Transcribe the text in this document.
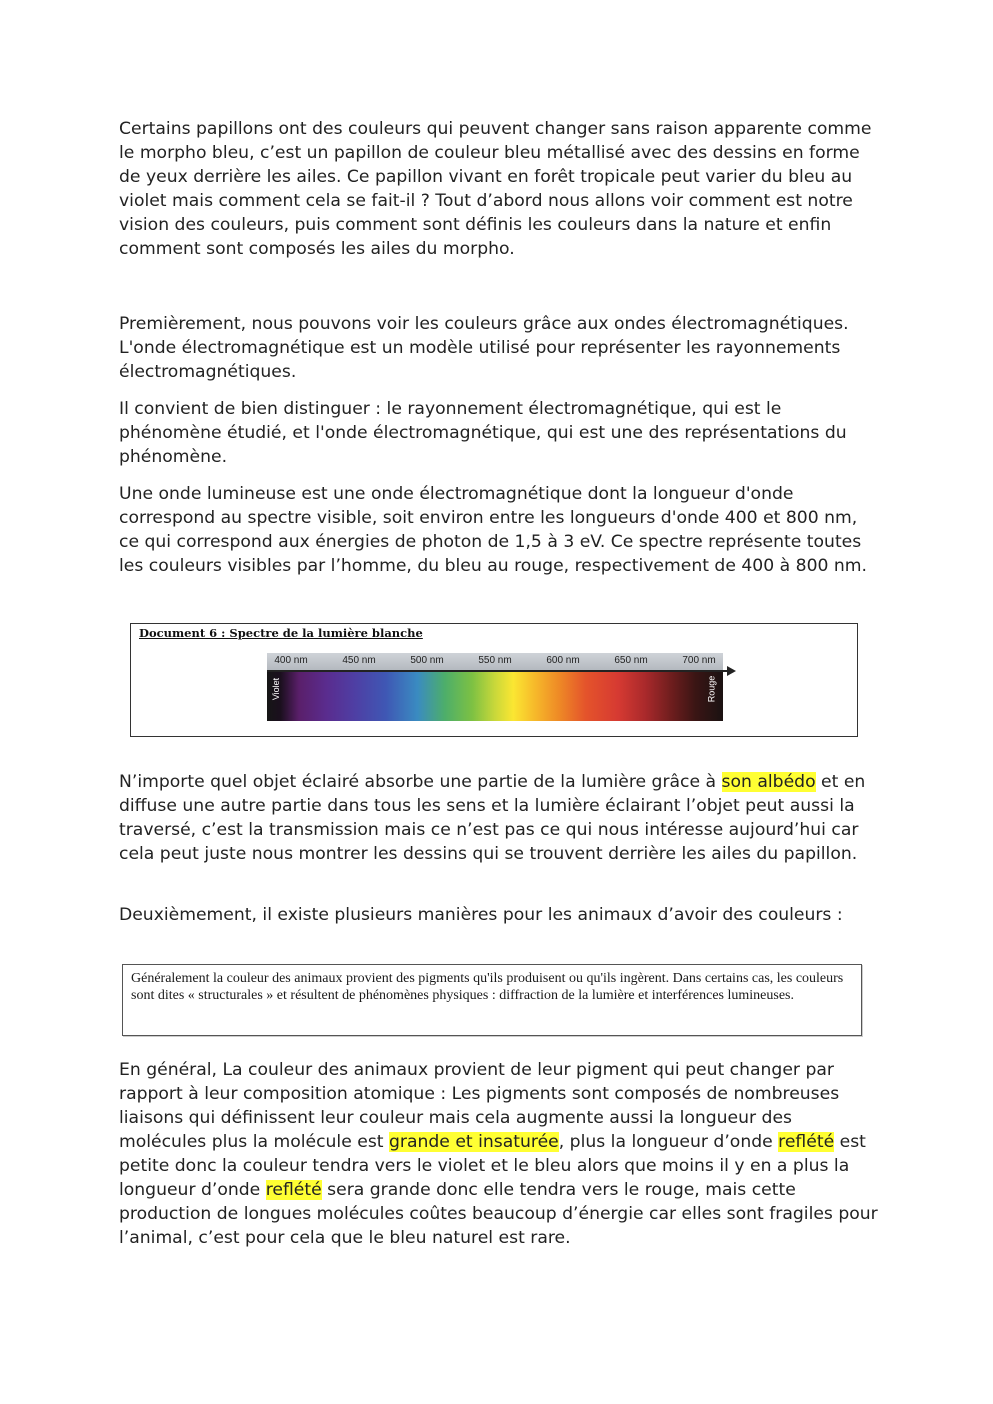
Certains papillons ont des couleurs qui peuvent changer sans raison apparente comme le morpho bleu, c’est un papillon de couleur bleu métallisé avec des dessins en forme de yeux derrière les ailes. Ce papillon vivant en forêt tropicale peut varier du bleu au violet mais comment cela se fait-il ? Tout d’abord nous allons voir comment est notre vision des couleurs, puis comment sont définis les couleurs dans la nature et enfin comment sont composés les ailes du morpho.

Premièrement, nous pouvons voir les couleurs grâce aux ondes électromagnétiques. L'onde électromagnétique est un modèle utilisé pour représenter les rayonnements électromagnétiques.

Il convient de bien distinguer : le rayonnement électromagnétique, qui est le phénomène étudié, et l'onde électromagnétique, qui est une des représentations du phénomène.

Une onde lumineuse est une onde électromagnétique dont la longueur d'onde correspond au spectre visible, soit environ entre les longueurs d'onde 400 et 800 nm, ce qui correspond aux énergies de photon de 1,5 à 3 eV. Ce spectre représente toutes les couleurs visibles par l’homme, du bleu au rouge, respectivement de 400 à 800 nm.

Document 6 : Spectre de la lumière blanche
400 nm	450 nm	500 nm	550 nm	600 nm	650 nm	700 nm
Violet	Rouge

N’importe quel objet éclairé absorbe une partie de la lumière grâce à son albédo et en diffuse une autre partie dans tous les sens et la lumière éclairant l’objet peut aussi la traversé, c’est la transmission mais ce n’est pas ce qui nous intéresse aujourd’hui car cela peut juste nous montrer les dessins qui se trouvent derrière les ailes du papillon.

Deuxièmement, il existe plusieurs manières pour les animaux d’avoir des couleurs :

Généralement la couleur des animaux provient des pigments qu'ils produisent ou qu'ils ingèrent. Dans certains cas, les couleurs sont dites « structurales » et résultent de phénomènes physiques : diffraction de la lumière et interférences lumineuses.

En général, La couleur des animaux provient de leur pigment qui peut changer par rapport à leur composition atomique : Les pigments sont composés de nombreuses liaisons qui définissent leur couleur mais cela augmente aussi la longueur des molécules plus la molécule est grande et insaturée, plus la longueur d’onde reflété est petite donc la couleur tendra vers le violet et le bleu alors que moins il y en a plus la longueur d’onde reflété sera grande donc elle tendra vers le rouge, mais cette production de longues molécules coûtes beaucoup d’énergie car elles sont fragiles pour l’animal, c’est pour cela que le bleu naturel est rare.
